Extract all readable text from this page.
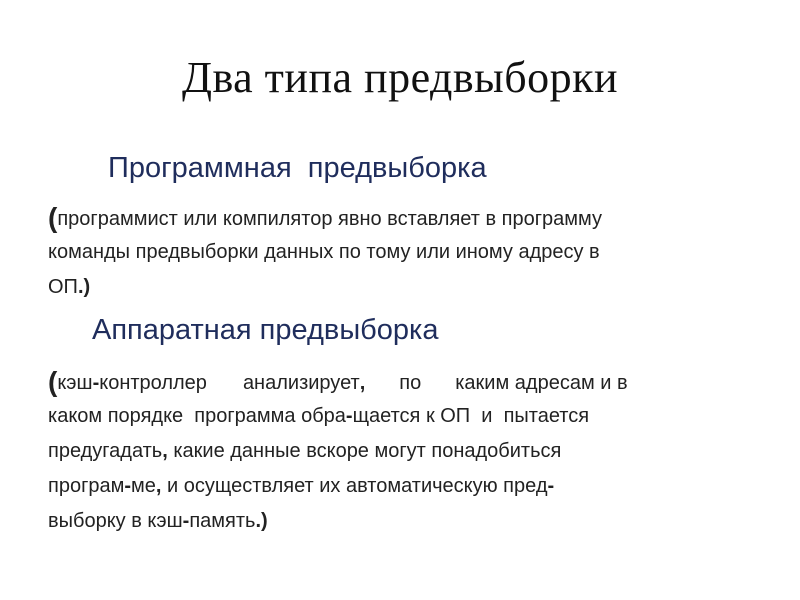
Два типа предвыборки
Программная  предвыборка
(программист или компилятор явно вставляет в программу
команды предвыборки данных по тому или иному адресу в
ОП.)
Аппаратная предвыборка
(кэш-контроллер анализирует, по каким адресам и в
каком порядке  программа обра-щается к ОП  и  пытается
предугадать, какие данные вскоре могут понадобиться
програм-ме, и осуществляет их автоматическую пред-
выборку в кэш-память.)
